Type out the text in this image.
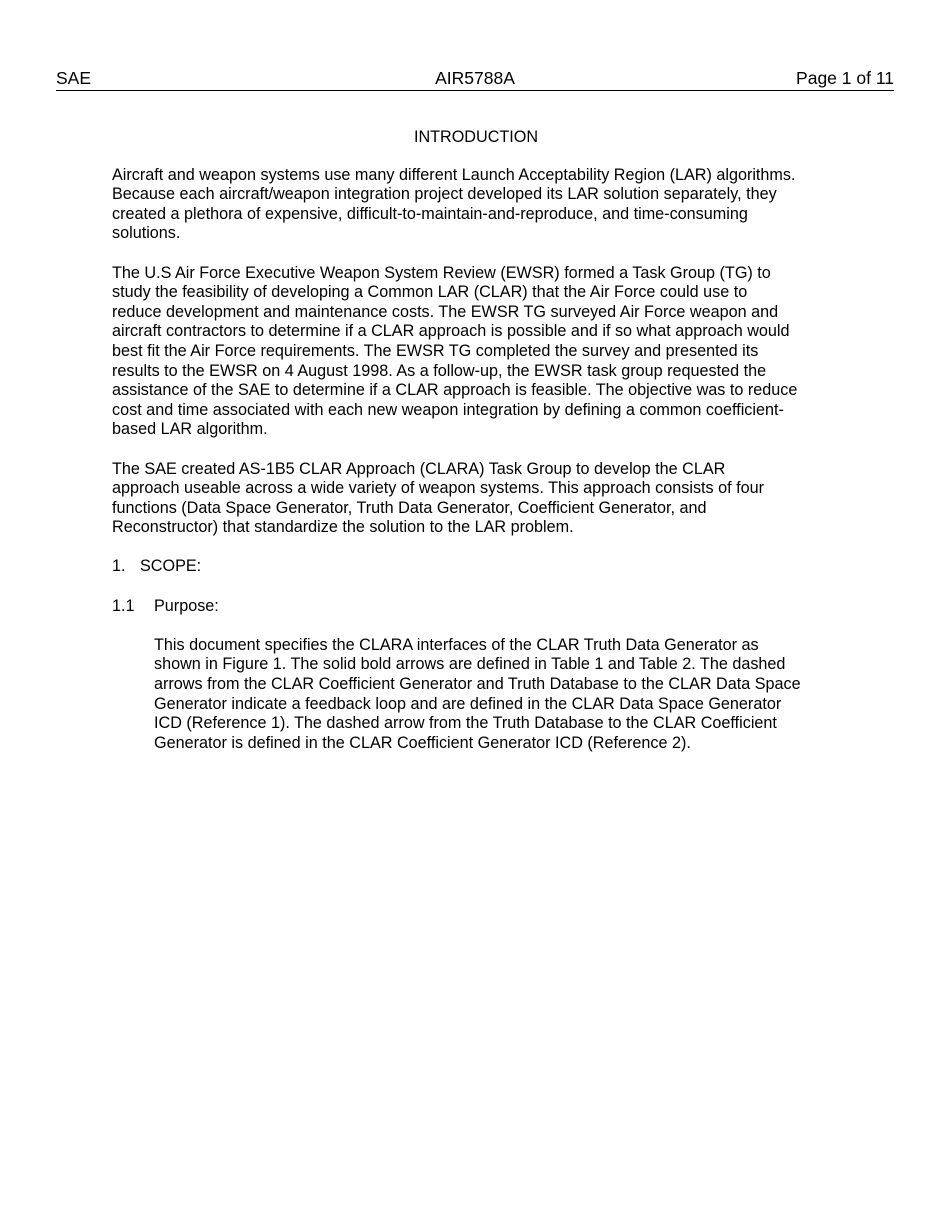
SAE	AIR5788A	Page 1 of 11
INTRODUCTION
Aircraft and weapon systems use many different Launch Acceptability Region (LAR) algorithms.
Because each aircraft/weapon integration project developed its LAR solution separately, they
created a plethora of expensive, difficult-to-maintain-and-reproduce, and time-consuming
solutions.
The U.S Air Force Executive Weapon System Review (EWSR) formed a Task Group (TG) to
study the feasibility of developing a Common LAR (CLAR) that the Air Force could use to
reduce development and maintenance costs. The EWSR TG surveyed Air Force weapon and
aircraft contractors to determine if a CLAR approach is possible and if so what approach would
best fit the Air Force requirements. The EWSR TG completed the survey and presented its
results to the EWSR on 4 August 1998. As a follow-up, the EWSR task group requested the
assistance of the SAE to determine if a CLAR approach is feasible. The objective was to reduce
cost and time associated with each new weapon integration by defining a common coefficient-
based LAR algorithm.
The SAE created AS-1B5 CLAR Approach (CLARA) Task Group to develop the CLAR
approach useable across a wide variety of weapon systems. This approach consists of four
functions (Data Space Generator, Truth Data Generator, Coefficient Generator, and
Reconstructor) that standardize the solution to the LAR problem.
1. SCOPE:
1.1 Purpose:
This document specifies the CLARA interfaces of the CLAR Truth Data Generator as
shown in Figure 1. The solid bold arrows are defined in Table 1 and Table 2. The dashed
arrows from the CLAR Coefficient Generator and Truth Database to the CLAR Data Space
Generator indicate a feedback loop and are defined in the CLAR Data Space Generator
ICD (Reference 1). The dashed arrow from the Truth Database to the CLAR Coefficient
Generator is defined in the CLAR Coefficient Generator ICD (Reference 2).
